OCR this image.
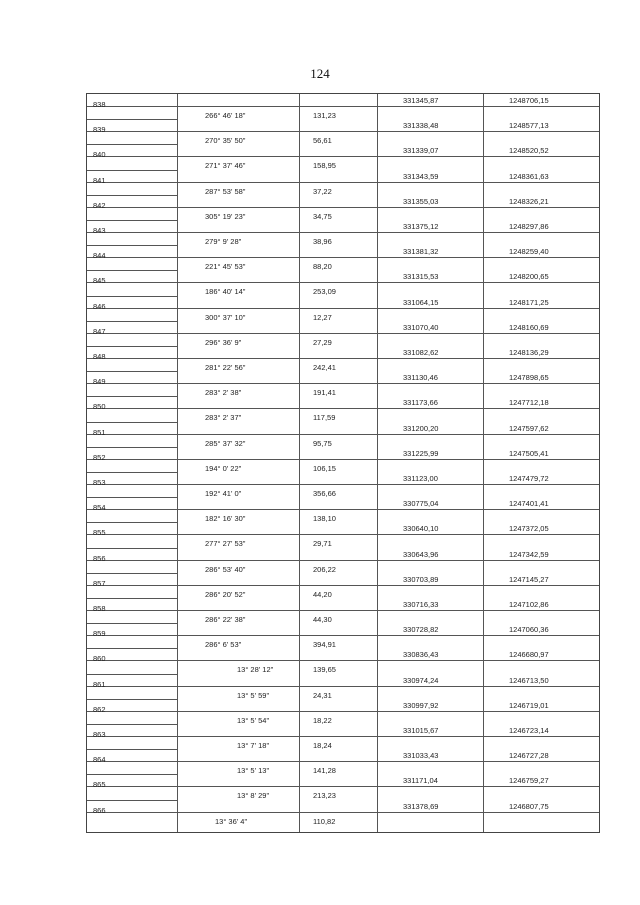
124
838
266° 46' 18"	131,23
331345,87	1248706,15
839
270° 35' 50"	56,61
331338,48	1248577,13
840
271° 37' 46"	158,95
331339,07	1248520,52
841
287° 53' 58"	37,22
331343,59	1248361,63
842
305° 19' 23"	34,75
331355,03	1248326,21
843
279° 9' 28"	38,96
331375,12	1248297,86
844
221° 45' 53"	88,20
331381,32	1248259,40
845
186° 40' 14"	253,09
331315,53	1248200,65
846
300° 37' 10"	12,27
331064,15	1248171,25
847
296° 36' 9"	27,29
331070,40	1248160,69
848
281° 22' 56"	242,41
331082,62	1248136,29
849
283° 2' 38"	191,41
331130,46	1247898,65
850
283° 2' 37"	117,59
331173,66	1247712,18
851
285° 37' 32"	95,75
331200,20	1247597,62
852
194° 0' 22"	106,15
331225,99	1247505,41
853
192° 41' 0"	356,66
331123,00	1247479,72
854
182° 16' 30"	138,10
330775,04	1247401,41
855
277° 27' 53"	29,71
330640,10	1247372,05
856
286° 53' 40"	206,22
330643,96	1247342,59
857
286° 20' 52"	44,20
330703,89	1247145,27
858
286° 22' 38"	44,30
330716,33	1247102,86
859
286° 6' 53"	394,91
330728,82	1247060,36
860
13° 28' 12"	139,65
330836,43	1246680,97
861
13° 5' 59"	24,31
330974,24	1246713,50
862
13° 5' 54"	18,22
330997,92	1246719,01
863
13° 7' 18"	18,24
331015,67	1246723,14
864
13° 5' 13"	141,28
331033,43	1246727,28
865
13° 8' 29"	213,23
331171,04	1246759,27
866
13° 36' 4"	110,82
331378,69	1246807,75
